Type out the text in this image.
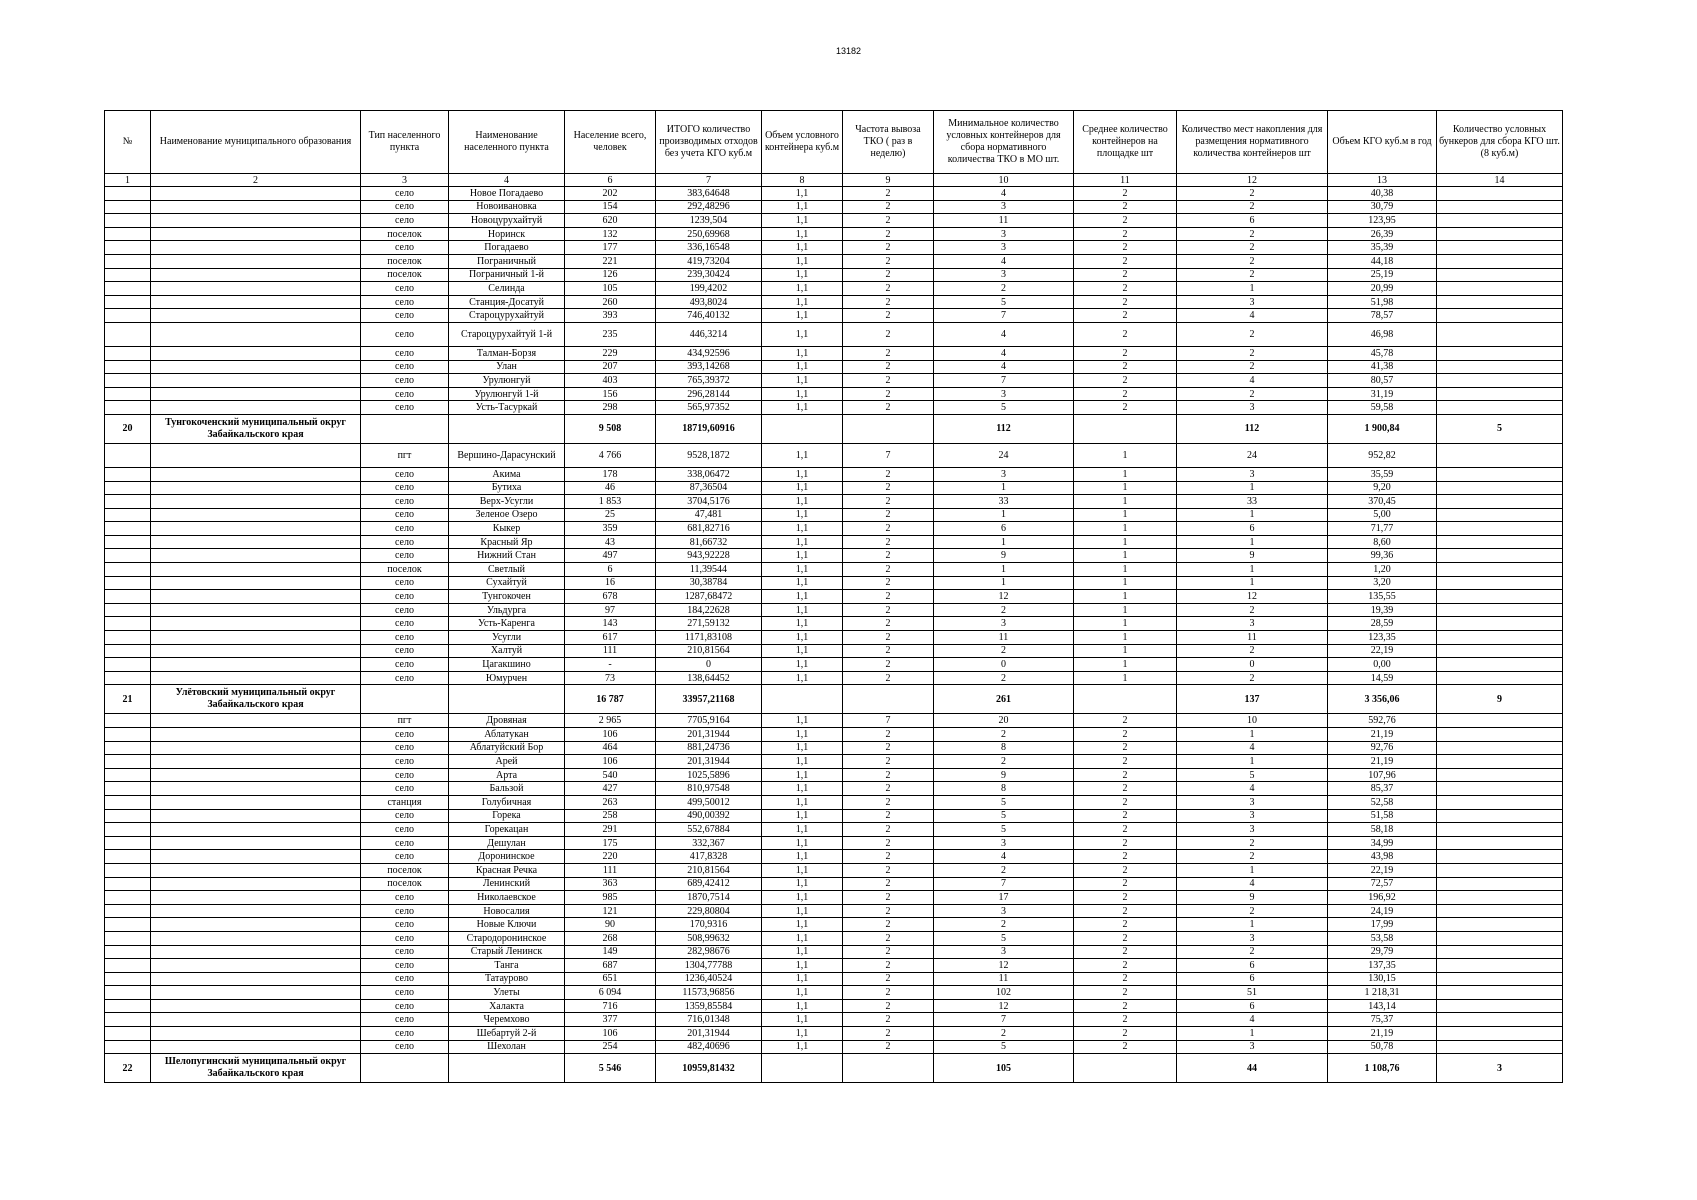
13182
№	Наименование муниципального образования	Тип населенного пункта	Наименование населенного пункта	Население всего, человек	ИТОГО количество производимых отходов без учета КГО куб.м	Объем условного контейнера куб.м	Частота вывоза ТКО ( раз в неделю)	Минимальное количество условных контейнеров для сбора нормативного количества ТКО в МО шт.	Среднее количество контейнеров на площадке шт	Количество мест накопления для размещения нормативного количества контейнеров шт	Объем КГО куб.м в год	Количество условных бункеров для сбора КГО шт. (8 куб.м)
1	2	3	4	6	7	8	9	10	11	12	13	14
		село	Новое Погадаево	202	383,64648	1,1	2	4	2	2	40,38	
		село	Новоивановка	154	292,48296	1,1	2	3	2	2	30,79	
		село	Новоцурухайтуй	620	1239,504	1,1	2	11	2	6	123,95	
		поселок	Норинск	132	250,69968	1,1	2	3	2	2	26,39	
		село	Погадаево	177	336,16548	1,1	2	3	2	2	35,39	
		поселок	Пограничный	221	419,73204	1,1	2	4	2	2	44,18	
		поселок	Пограничный 1-й	126	239,30424	1,1	2	3	2	2	25,19	
		село	Селинда	105	199,4202	1,1	2	2	2	1	20,99	
		село	Станция-Досатуй	260	493,8024	1,1	2	5	2	3	51,98	
		село	Староцурухайтуй	393	746,40132	1,1	2	7	2	4	78,57	
		село	Староцурухайтуй 1-й	235	446,3214	1,1	2	4	2	2	46,98	
		село	Талман-Борзя	229	434,92596	1,1	2	4	2	2	45,78	
		село	Улан	207	393,14268	1,1	2	4	2	2	41,38	
		село	Урулюнгуй	403	765,39372	1,1	2	7	2	4	80,57	
		село	Урулюнгуй 1-й	156	296,28144	1,1	2	3	2	2	31,19	
		село	Усть-Тасуркай	298	565,97352	1,1	2	5	2	3	59,58	
20	Тунгокоченский муниципальный округ Забайкальского края			9 508	18719,60916			112		112	1 900,84	5
		пгт	Вершино-Дарасунский	4 766	9528,1872	1,1	7	24	1	24	952,82	
		село	Акима	178	338,06472	1,1	2	3	1	3	35,59	
		село	Бутиха	46	87,36504	1,1	2	1	1	1	9,20	
		село	Верх-Усугли	1 853	3704,5176	1,1	2	33	1	33	370,45	
		село	Зеленое Озеро	25	47,481	1,1	2	1	1	1	5,00	
		село	Кыкер	359	681,82716	1,1	2	6	1	6	71,77	
		село	Красный Яр	43	81,66732	1,1	2	1	1	1	8,60	
		село	Нижний Стан	497	943,92228	1,1	2	9	1	9	99,36	
		поселок	Светлый	6	11,39544	1,1	2	1	1	1	1,20	
		село	Сухайтуй	16	30,38784	1,1	2	1	1	1	3,20	
		село	Тунгокочен	678	1287,68472	1,1	2	12	1	12	135,55	
		село	Ульдурга	97	184,22628	1,1	2	2	1	2	19,39	
		село	Усть-Каренга	143	271,59132	1,1	2	3	1	3	28,59	
		село	Усугли	617	1171,83108	1,1	2	11	1	11	123,35	
		село	Халтуй	111	210,81564	1,1	2	2	1	2	22,19	
		село	Цагакшино	-	0	1,1	2	0	1	0	0,00	
		село	Юмурчен	73	138,64452	1,1	2	2	1	2	14,59	
21	Улётовский муниципальный округ Забайкальского края			16 787	33957,21168			261		137	3 356,06	9
		пгт	Дровяная	2 965	7705,9164	1,1	7	20	2	10	592,76	
		село	Аблатукан	106	201,31944	1,1	2	2	2	1	21,19	
		село	Аблатуйский Бор	464	881,24736	1,1	2	8	2	4	92,76	
		село	Арей	106	201,31944	1,1	2	2	2	1	21,19	
		село	Арта	540	1025,5896	1,1	2	9	2	5	107,96	
		село	Бальзой	427	810,97548	1,1	2	8	2	4	85,37	
		станция	Голубичная	263	499,50012	1,1	2	5	2	3	52,58	
		село	Горека	258	490,00392	1,1	2	5	2	3	51,58	
		село	Горекацан	291	552,67884	1,1	2	5	2	3	58,18	
		село	Дешулан	175	332,367	1,1	2	3	2	2	34,99	
		село	Доронинское	220	417,8328	1,1	2	4	2	2	43,98	
		поселок	Красная Речка	111	210,81564	1,1	2	2	2	1	22,19	
		поселок	Ленинский	363	689,42412	1,1	2	7	2	4	72,57	
		село	Николаевское	985	1870,7514	1,1	2	17	2	9	196,92	
		село	Новосалия	121	229,80804	1,1	2	3	2	2	24,19	
		село	Новые Ключи	90	170,9316	1,1	2	2	2	1	17,99	
		село	Стародоронинское	268	508,99632	1,1	2	5	2	3	53,58	
		село	Старый Ленинск	149	282,98676	1,1	2	3	2	2	29,79	
		село	Танга	687	1304,77788	1,1	2	12	2	6	137,35	
		село	Татаурово	651	1236,40524	1,1	2	11	2	6	130,15	
		село	Улеты	6 094	11573,96856	1,1	2	102	2	51	1 218,31	
		село	Халакта	716	1359,85584	1,1	2	12	2	6	143,14	
		село	Черемхово	377	716,01348	1,1	2	7	2	4	75,37	
		село	Шебартуй 2-й	106	201,31944	1,1	2	2	2	1	21,19	
		село	Шехолан	254	482,40696	1,1	2	5	2	3	50,78	
22	Шелопугинский муниципальный округ Забайкальского края			5 546	10959,81432			105		44	1 108,76	3
